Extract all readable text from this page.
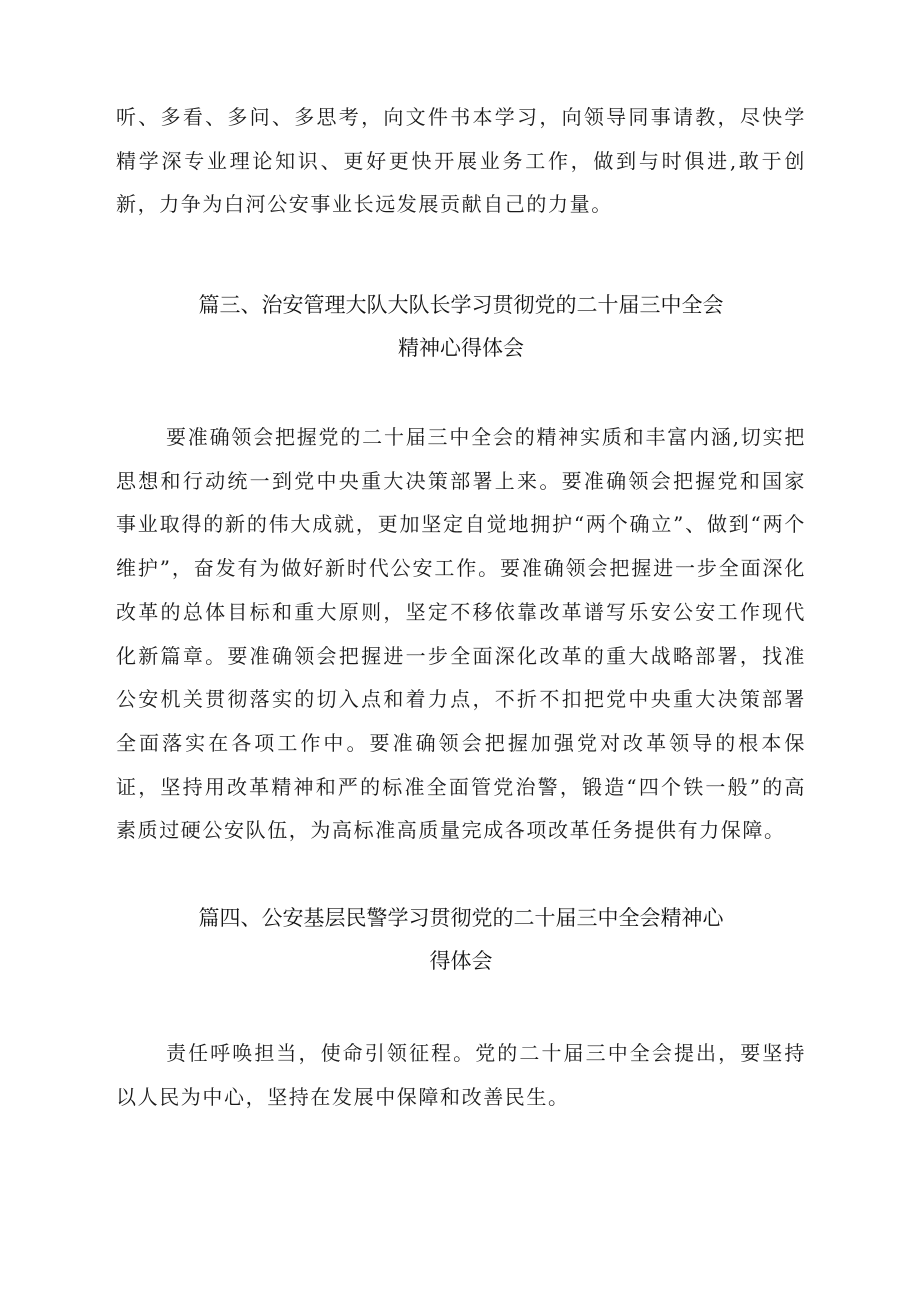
听、多看、多问、多思考，向文件书本学习，向领导同事请教，尽快学精学深专业理论知识、更好更快开展业务工作，做到与时俱进,敢于创新，力争为白河公安事业长远发展贡献自己的力量。

篇三、治安管理大队大队长学习贯彻党的二十届三中全会
精神心得体会

要准确领会把握党的二十届三中全会的精神实质和丰富内涵,切实把思想和行动统一到党中央重大决策部署上来。要准确领会把握党和国家事业取得的新的伟大成就，更加坚定自觉地拥护“两个确立”、做到“两个维护”，奋发有为做好新时代公安工作。要准确领会把握进一步全面深化改革的总体目标和重大原则，坚定不移依靠改革谱写乐安公安工作现代化新篇章。要准确领会把握进一步全面深化改革的重大战略部署，找准公安机关贯彻落实的切入点和着力点，不折不扣把党中央重大决策部署全面落实在各项工作中。要准确领会把握加强党对改革领导的根本保证，坚持用改革精神和严的标准全面管党治警，锻造“四个铁一般”的高素质过硬公安队伍，为高标准高质量完成各项改革任务提供有力保障。

篇四、公安基层民警学习贯彻党的二十届三中全会精神心
得体会

责任呼唤担当，使命引领征程。党的二十届三中全会提出，要坚持以人民为中心，坚持在发展中保障和改善民生。
